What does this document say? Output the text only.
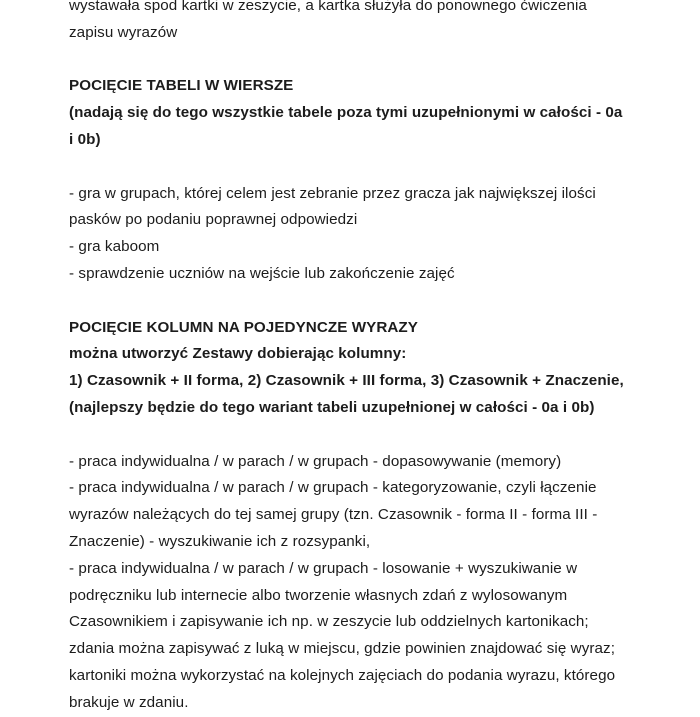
wystawała spod kartki w zeszycie, a kartka służyła do ponownego ćwiczenia
zapisu wyrazów
POCIĘCIE TABELI W WIERSZE
(nadają się do tego wszystkie tabele poza tymi uzupełnionymi w całości - 0a
i 0b)
- gra w grupach, której celem jest zebranie przez gracza jak największej ilości
pasków po podaniu poprawnej odpowiedzi
- gra kaboom
- sprawdzenie uczniów na wejście lub zakończenie zajęć
POCIĘCIE KOLUMN NA POJEDYNCZE WYRAZY
można utworzyć Zestawy dobierając kolumny:
1) Czasownik + II forma, 2) Czasownik + III forma, 3) Czasownik + Znaczenie,
(najlepszy będzie do tego wariant tabeli uzupełnionej w całości - 0a i 0b)
- praca indywidualna / w parach / w grupach - dopasowywanie (memory)
- praca indywidualna / w parach / w grupach - kategoryzowanie, czyli łączenie
wyrazów należących do tej samej grupy (tzn. Czasownik - forma II - forma III -
Znaczenie) - wyszukiwanie ich z rozsypanki,
- praca indywidualna / w parach / w grupach - losowanie + wyszukiwanie w
podręczniku lub internecie albo tworzenie własnych zdań z wylosowanym
Czasownikiem i zapisywanie ich np. w zeszycie lub oddzielnych kartonikach;
zdania można zapisywać z luką w miejscu, gdzie powinien znajdować się wyraz;
kartoniki można wykorzystać na kolejnych zajęciach do podania wyrazu, którego
brakuje w zdaniu.
